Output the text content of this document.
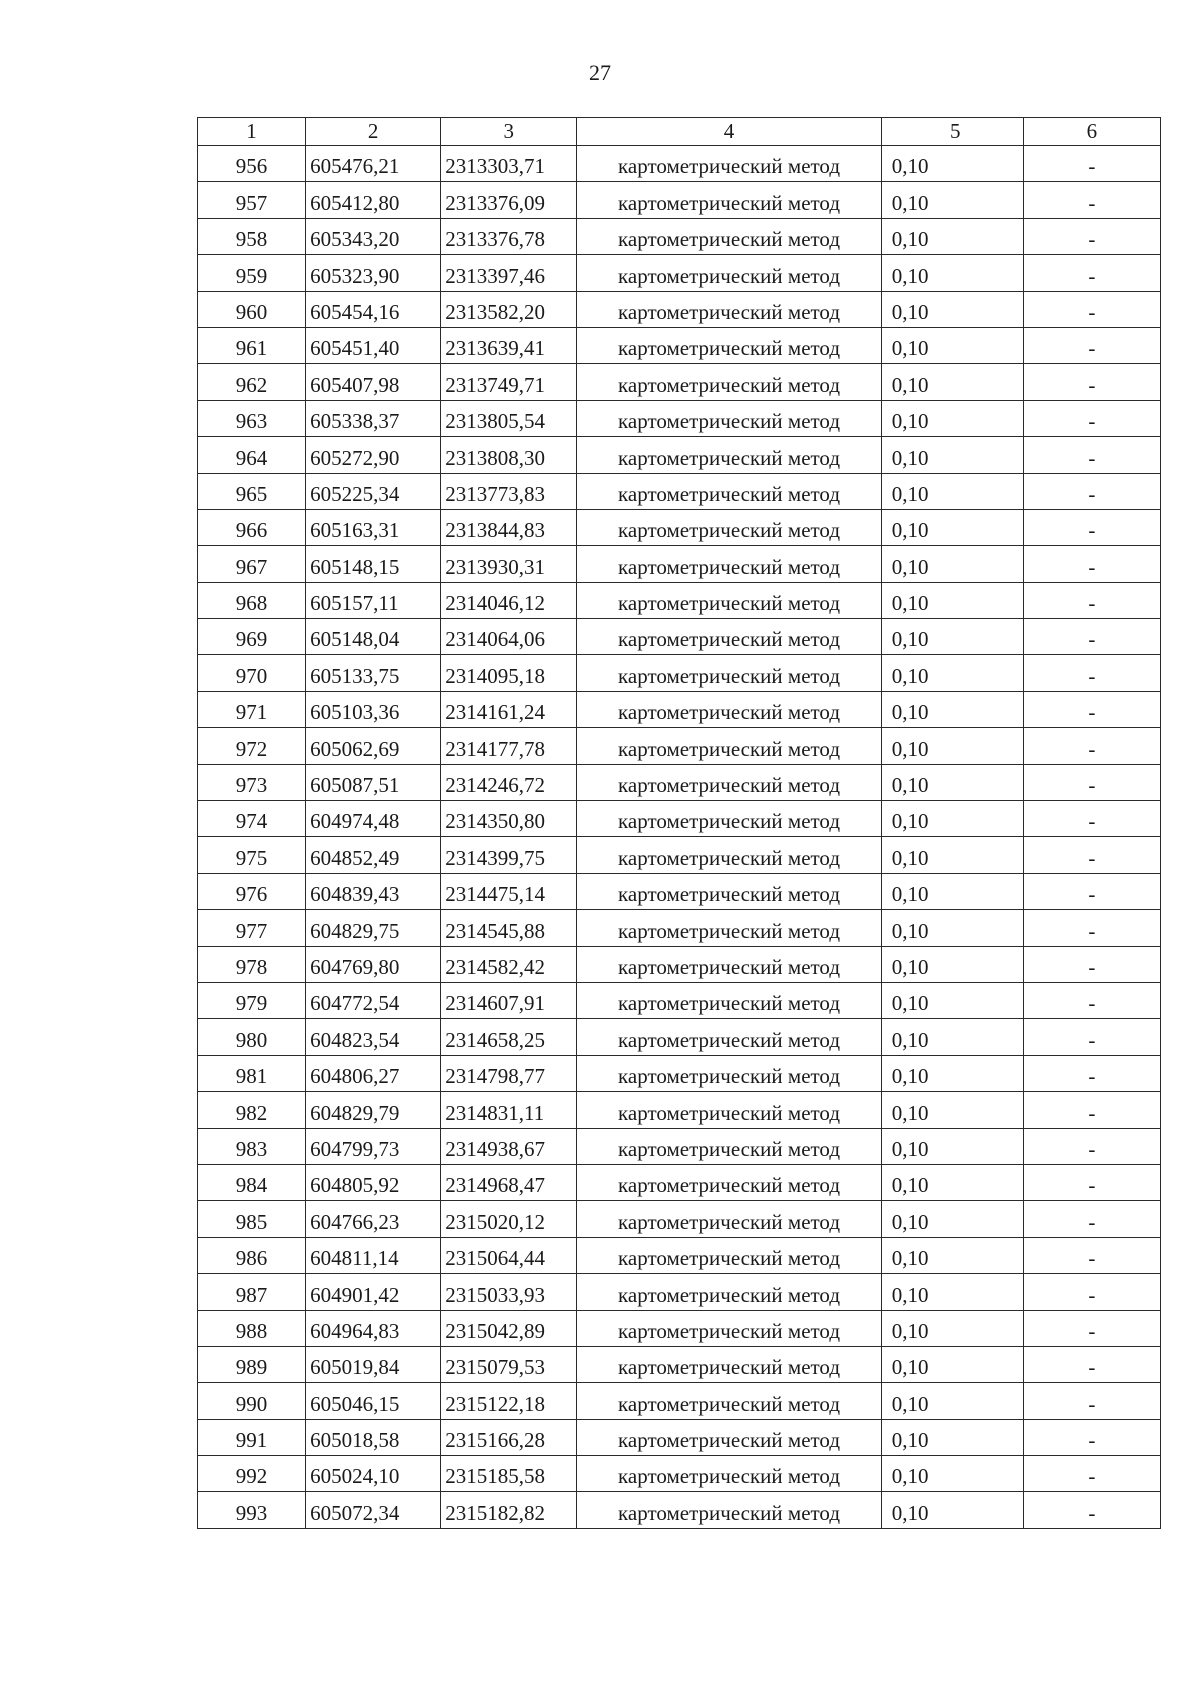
27
1	2	3	4	5	6
956	605476,21	2313303,71	картометрический метод	0,10	-
957	605412,80	2313376,09	картометрический метод	0,10	-
958	605343,20	2313376,78	картометрический метод	0,10	-
959	605323,90	2313397,46	картометрический метод	0,10	-
960	605454,16	2313582,20	картометрический метод	0,10	-
961	605451,40	2313639,41	картометрический метод	0,10	-
962	605407,98	2313749,71	картометрический метод	0,10	-
963	605338,37	2313805,54	картометрический метод	0,10	-
964	605272,90	2313808,30	картометрический метод	0,10	-
965	605225,34	2313773,83	картометрический метод	0,10	-
966	605163,31	2313844,83	картометрический метод	0,10	-
967	605148,15	2313930,31	картометрический метод	0,10	-
968	605157,11	2314046,12	картометрический метод	0,10	-
969	605148,04	2314064,06	картометрический метод	0,10	-
970	605133,75	2314095,18	картометрический метод	0,10	-
971	605103,36	2314161,24	картометрический метод	0,10	-
972	605062,69	2314177,78	картометрический метод	0,10	-
973	605087,51	2314246,72	картометрический метод	0,10	-
974	604974,48	2314350,80	картометрический метод	0,10	-
975	604852,49	2314399,75	картометрический метод	0,10	-
976	604839,43	2314475,14	картометрический метод	0,10	-
977	604829,75	2314545,88	картометрический метод	0,10	-
978	604769,80	2314582,42	картометрический метод	0,10	-
979	604772,54	2314607,91	картометрический метод	0,10	-
980	604823,54	2314658,25	картометрический метод	0,10	-
981	604806,27	2314798,77	картометрический метод	0,10	-
982	604829,79	2314831,11	картометрический метод	0,10	-
983	604799,73	2314938,67	картометрический метод	0,10	-
984	604805,92	2314968,47	картометрический метод	0,10	-
985	604766,23	2315020,12	картометрический метод	0,10	-
986	604811,14	2315064,44	картометрический метод	0,10	-
987	604901,42	2315033,93	картометрический метод	0,10	-
988	604964,83	2315042,89	картометрический метод	0,10	-
989	605019,84	2315079,53	картометрический метод	0,10	-
990	605046,15	2315122,18	картометрический метод	0,10	-
991	605018,58	2315166,28	картометрический метод	0,10	-
992	605024,10	2315185,58	картометрический метод	0,10	-
993	605072,34	2315182,82	картометрический метод	0,10	-
